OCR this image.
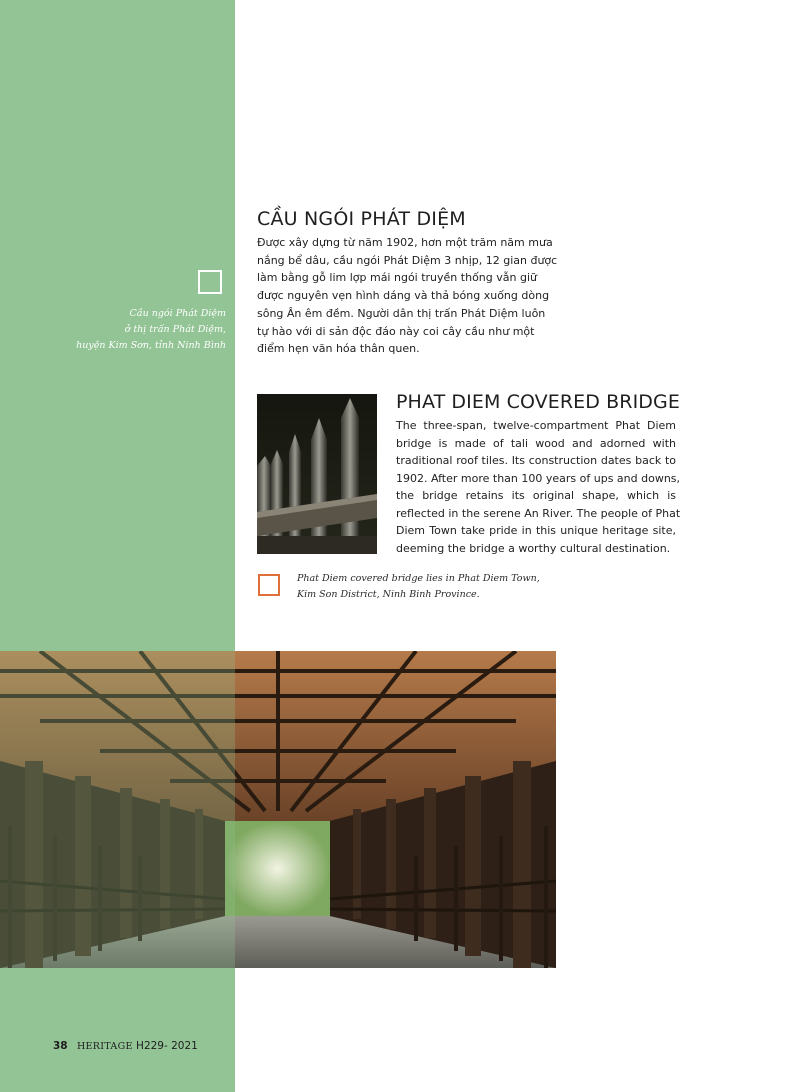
Cầu ngói Phát Diệm
ở thị trấn Phát Diệm,
huyện Kim Sơn, tỉnh Ninh Bình
CẦU NGÓI PHÁT DIỆM
Được xây dựng từ năm 1902, hơn một trăm năm mưa
nắng bể dâu, cầu ngói Phát Diệm 3 nhịp, 12 gian được
làm bằng gỗ lim lợp mái ngói truyền thống vẫn giữ
được nguyên vẹn hình dáng và thả bóng xuống dòng
sông Ân êm đềm. Người dân thị trấn Phát Diệm luôn
tự hào với di sản độc đáo này coi cây cầu như một
điểm hẹn văn hóa thân quen.
PHAT DIEM COVERED BRIDGE
The three-span, twelve-compartment Phat Diem
bridge is made of tali wood and adorned with
traditional roof tiles. Its construction dates back to
1902. After more than 100 years of ups and downs,
the bridge retains its original shape, which is
reflected in the serene An River. The people of Phat
Diem Town take pride in this unique heritage site,
deeming the bridge a worthy cultural destination.
Phat Diem covered bridge lies in Phat Diem Town,
Kim Son District, Ninh Binh Province.
38 HERITAGE H229- 2021
